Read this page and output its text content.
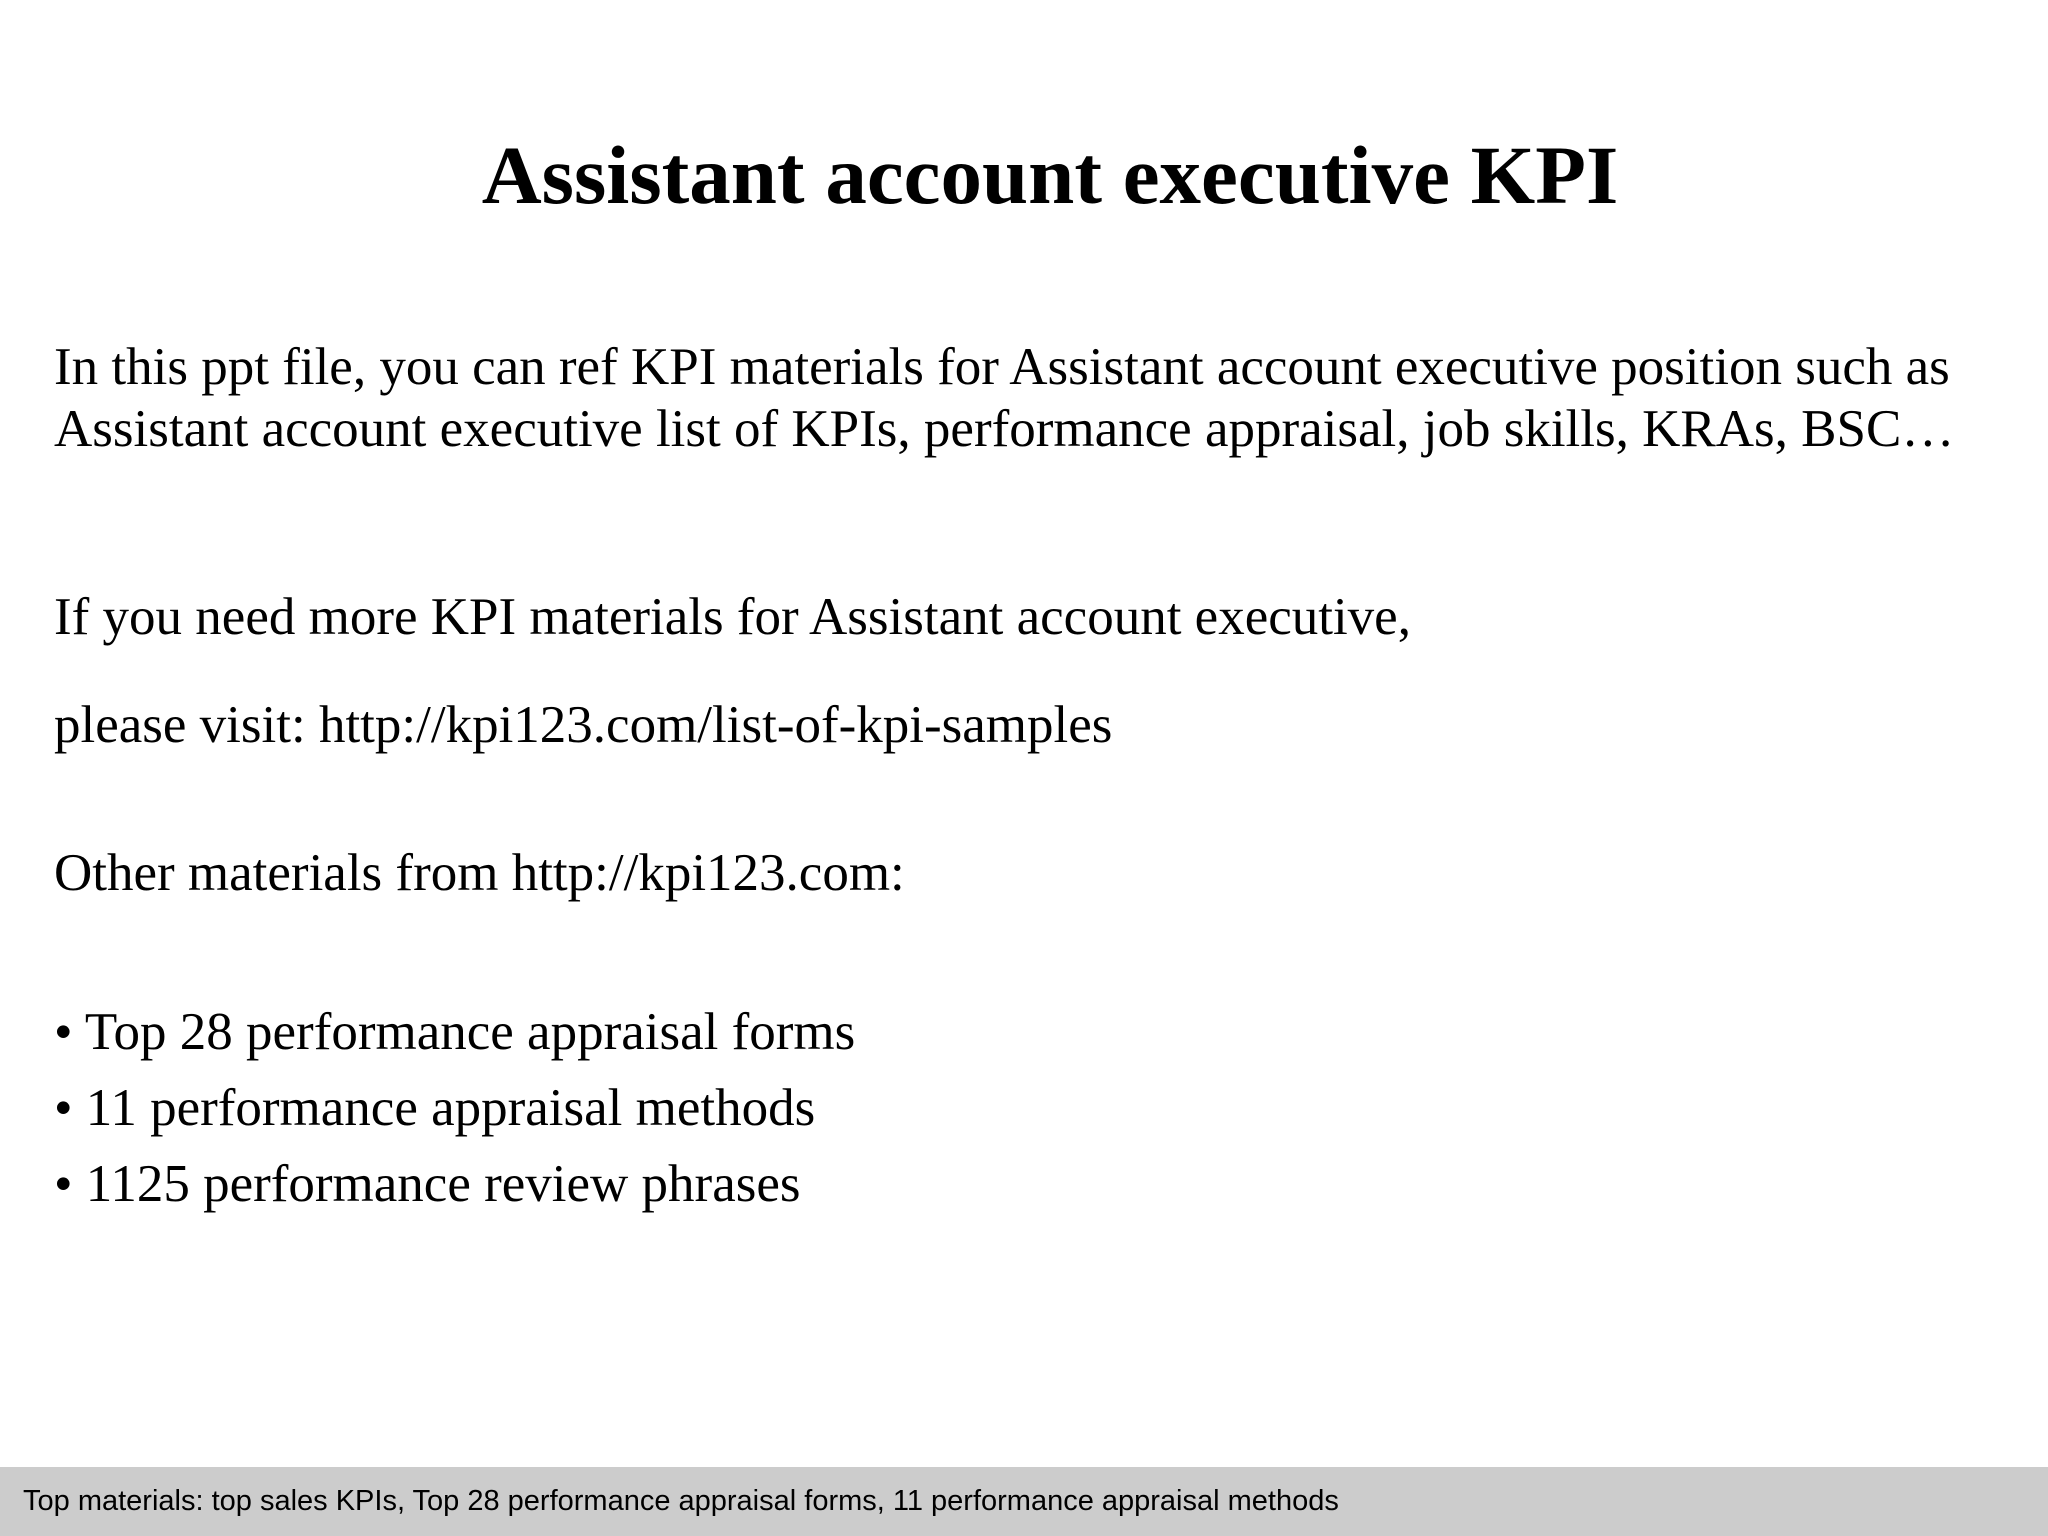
Assistant account executive KPI

In this ppt file, you can ref KPI materials for Assistant account executive position such as Assistant account executive list of KPIs, performance appraisal, job skills, KRAs, BSC…

If you need more KPI materials for Assistant account executive,

please visit: http://kpi123.com/list-of-kpi-samples

Other materials from http://kpi123.com:

• Top 28 performance appraisal forms
• 11 performance appraisal methods
• 1125 performance review phrases
Top materials: top sales KPIs, Top 28 performance appraisal forms, 11 performance appraisal methods
